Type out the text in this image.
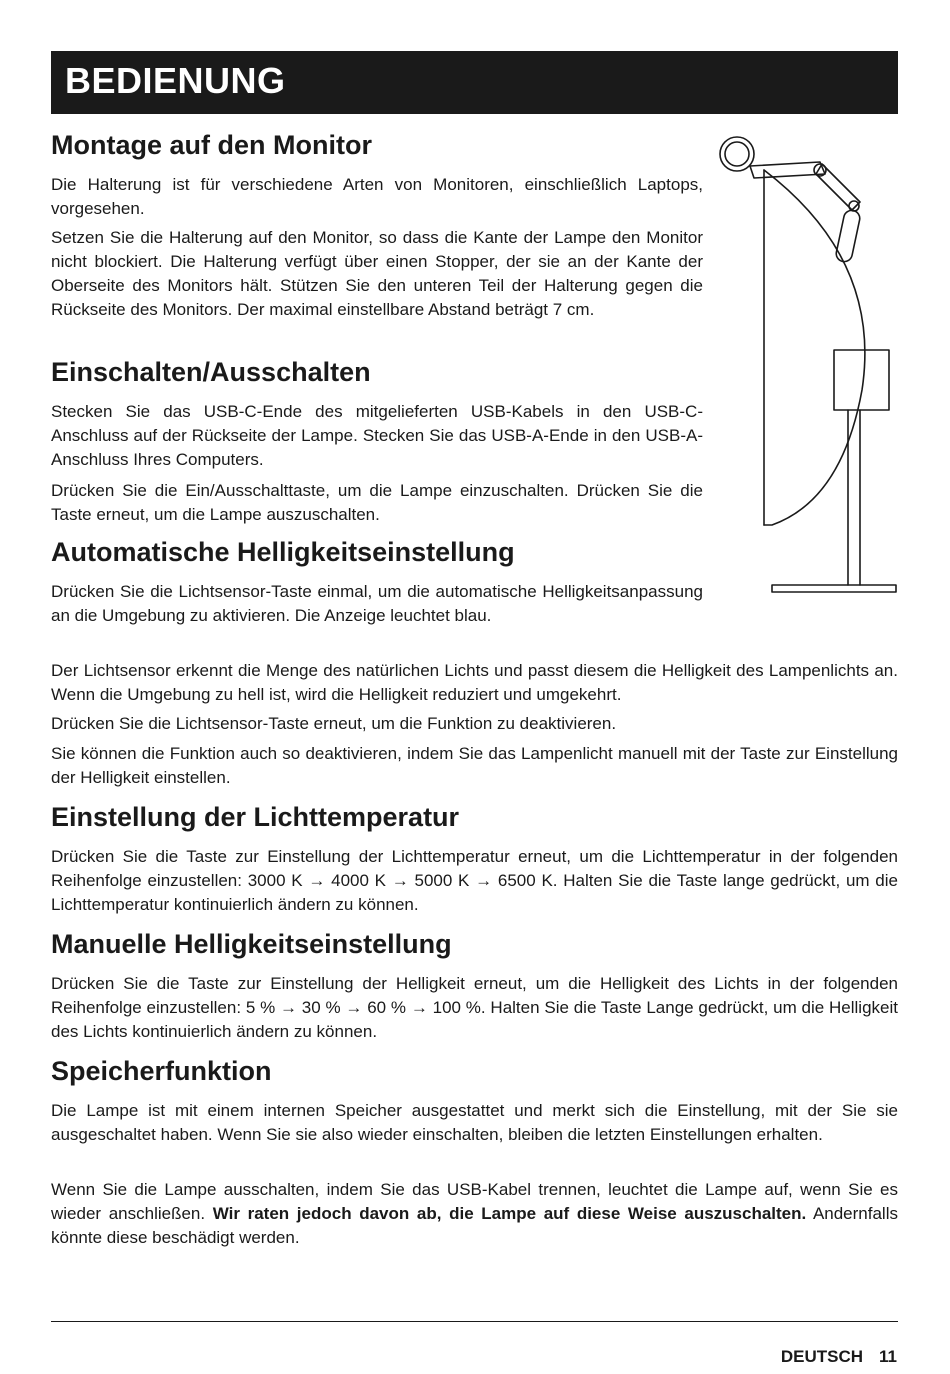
BEDIENUNG
Montage auf den Monitor

Die Halterung ist für verschiedene Arten von Monitoren, einschließlich Laptops, vorgesehen.

Setzen Sie die Halterung auf den Monitor, so dass die Kante der Lampe den Monitor nicht blockiert. Die Halterung verfügt über einen Stopper, der sie an der Kante der Oberseite des Monitors hält. Stützen Sie den unteren Teil der Halterung gegen die Rückseite des Monitors. Der maximal einstellbare Abstand beträgt 7 cm.

Einschalten/Ausschalten

Stecken Sie das USB-C-Ende des mitgelieferten USB-Kabels in den USB-C-Anschluss auf der Rückseite der Lampe. Stecken Sie das USB-A-Ende in den USB-A-Anschluss Ihres Computers.

Drücken Sie die Ein/Ausschalttaste, um die Lampe einzuschalten. Drücken Sie die Taste erneut, um die Lampe auszuschalten.

Automatische Helligkeitseinstellung

Drücken Sie die Lichtsensor-Taste einmal, um die automatische Helligkeitsanpassung an die Umgebung zu aktivieren. Die Anzeige leuchtet blau.

Der Lichtsensor erkennt die Menge des natürlichen Lichts und passt diesem die Helligkeit des Lampenlichts an. Wenn die Umgebung zu hell ist, wird die Helligkeit reduziert und umgekehrt.

Drücken Sie die Lichtsensor-Taste erneut, um die Funktion zu deaktivieren.

Sie können die Funktion auch so deaktivieren, indem Sie das Lampenlicht manuell mit der Taste zur Einstellung der Helligkeit einstellen.

Einstellung der Lichttemperatur

Drücken Sie die Taste zur Einstellung der Lichttemperatur erneut, um die Lichttemperatur in der folgenden Reihenfolge einzustellen: 3000 K → 4000 K → 5000 K → 6500 K. Halten Sie die Taste lange gedrückt, um die Lichttemperatur kontinuierlich ändern zu können.

Manuelle Helligkeitseinstellung

Drücken Sie die Taste zur Einstellung der Helligkeit erneut, um die Helligkeit des Lichts in der folgenden Reihenfolge einzustellen: 5 % → 30 % → 60 % → 100 %. Halten Sie die Taste Lange gedrückt, um die Helligkeit des Lichts kontinuierlich ändern zu können.

Speicherfunktion

Die Lampe ist mit einem internen Speicher ausgestattet und merkt sich die Einstellung, mit der Sie sie ausgeschaltet haben. Wenn Sie sie also wieder einschalten, bleiben die letzten Einstellungen erhalten.

Wenn Sie die Lampe ausschalten, indem Sie das USB-Kabel trennen, leuchtet die Lampe auf, wenn Sie es wieder anschließen. Wir raten jedoch davon ab, die Lampe auf diese Weise auszuschalten. Andernfalls könnte diese beschädigt werden.

DEUTSCH 11
